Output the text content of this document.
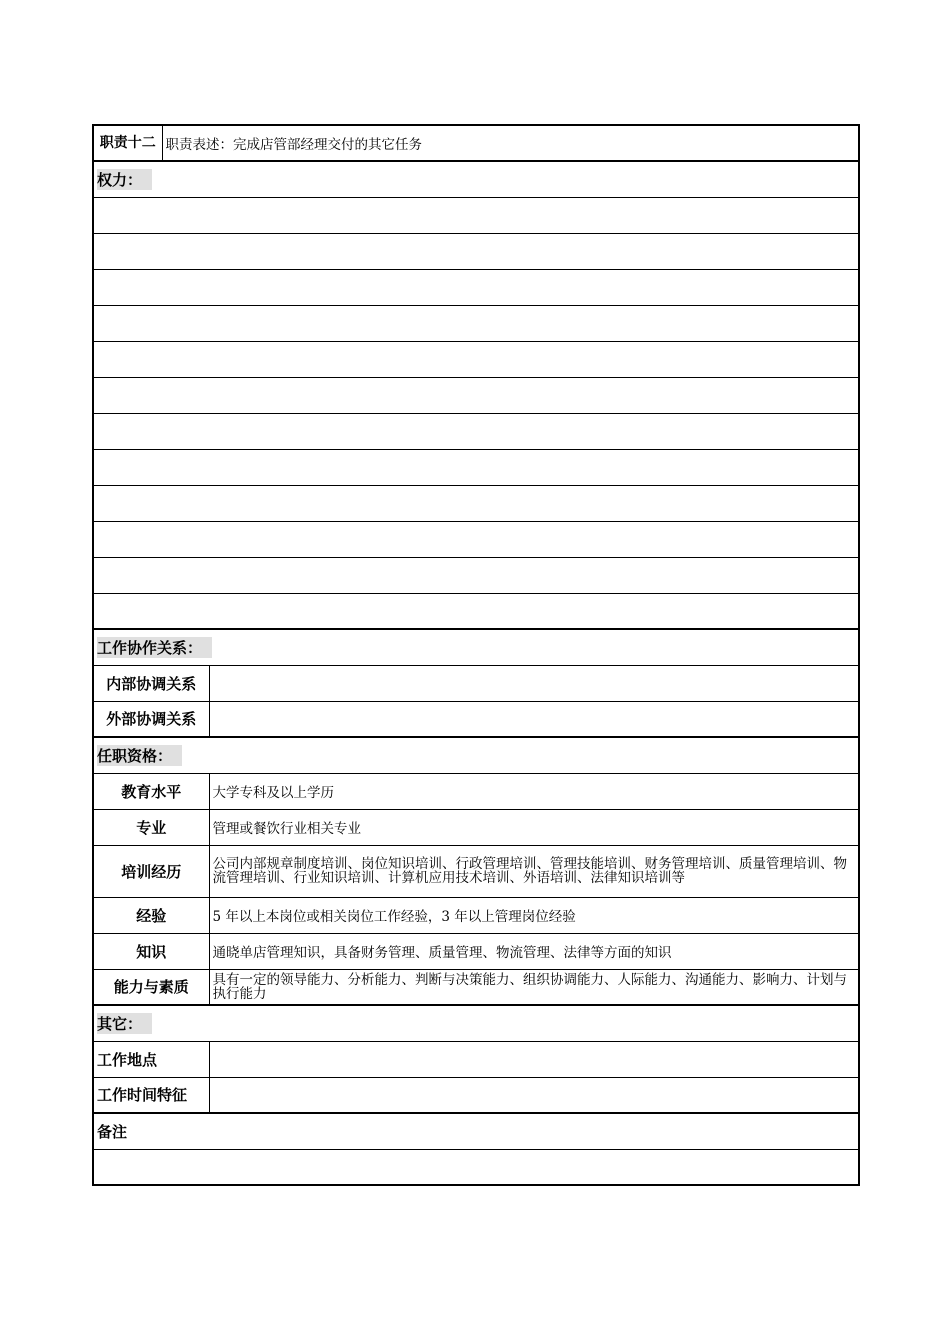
职责十二	职责表述：完成店管部经理交付的其它任务	
权力：		

工作协作关系：		
内部协调关系		
外部协调关系		
任职资格：		
教育水平		大学专科及以上学历
专业		管理或餐饮行业相关专业
培训经历		公司内部规章制度培训、岗位知识培训、行政管理培训、管理技能培训、财务管理培训、质量管理培训、物流管理培训、行业知识培训、计算机应用技术培训、外语培训、法律知识培训等
经验		5 年以上本岗位或相关岗位工作经验，3 年以上管理岗位经验
知识		通晓单店管理知识，具备财务管理、质量管理、物流管理、法律等方面的知识
能力与素质		具有一定的领导能力、分析能力、判断与决策能力、组织协调能力、人际能力、沟通能力、影响力、计划与执行能力
其它：		
工作地点		
工作时间特征		
备注		
